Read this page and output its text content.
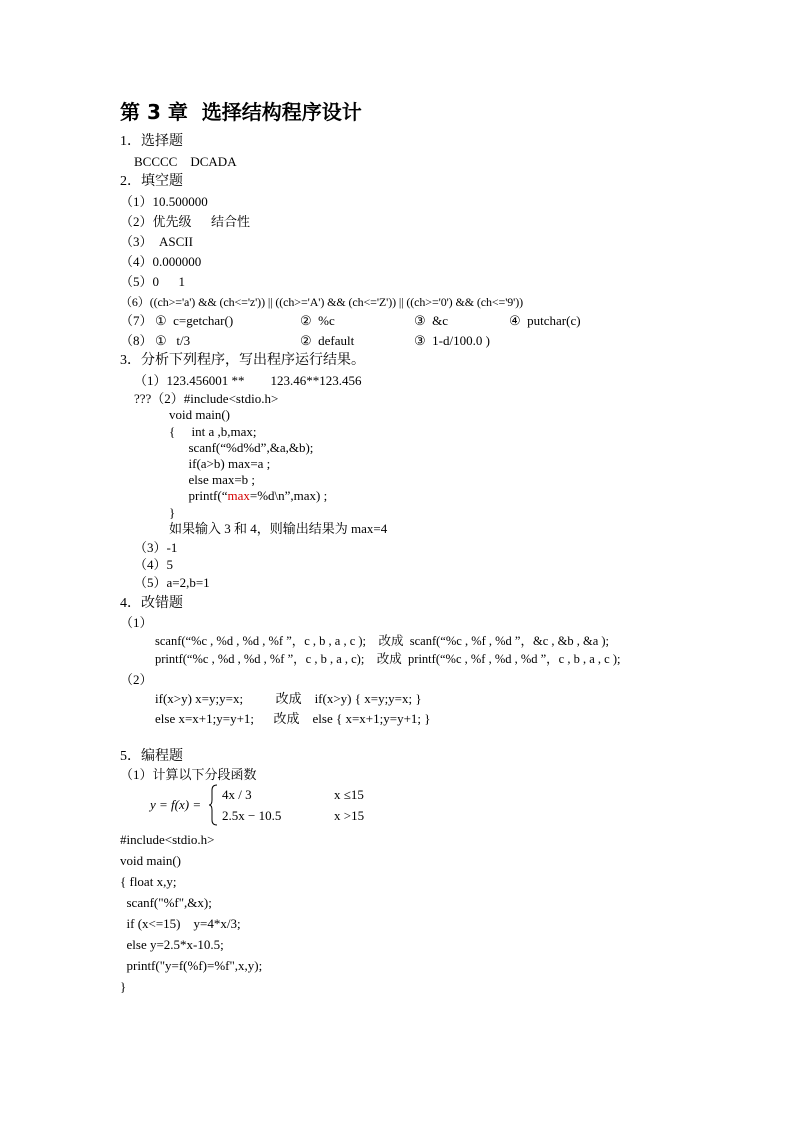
第 3 章  选择结构程序设计
1．选择题
BCCCC    DCADA
2．填空题
（1）10.500000
（2）优先级      结合性
（3）  ASCII
（4）0.000000
（5）0      1
（6）((ch>='a') && (ch<='z')) || ((ch>='A') && (ch<='Z')) || ((ch>='0') && (ch<='9'))
（7） ①  c=getchar()	②  %c	③  &c	④  putchar(c)
（8） ①   t/3	②  default	③  1-d/100.0 )
3．分析下列程序，写出程序运行结果。
（1）123.456001 **        123.46**123.456
???（2）#include<stdio.h>
void main()
{     int a ,b,max;
scanf(“%d%d”,&a,&b);
if(a>b) max=a ;
else max=b ;
printf(“max=%d\n”,max) ;
}
如果输入 3 和 4，则输出结果为 max=4
（3）-1
（4）5
（5）a=2,b=1
4．改错题
（1）
scanf(“%c , %d , %d , %f ”，c , b , a , c );    改成  scanf(“%c , %f , %d ”，&c , &b , &a );
printf(“%c , %d , %d , %f ”，c , b , a , c);    改成  printf(“%c , %f , %d , %d ”，c , b , a , c );
（2）
if(x>y) x=y;y=x;          改成    if(x>y) { x=y;y=x; }
else x=x+1;y=y+1;      改成    else { x=x+1;y=y+1; }
5．编程题
（1）计算以下分段函数
y = f(x) =
4x / 3	x ≤15
2.5x − 10.5	x >15
#include<stdio.h>
void main()
{ float x,y;
scanf("%f",&x);
if (x<=15)    y=4*x/3;
else y=2.5*x-10.5;
printf("y=f(%f)=%f",x,y);
}
